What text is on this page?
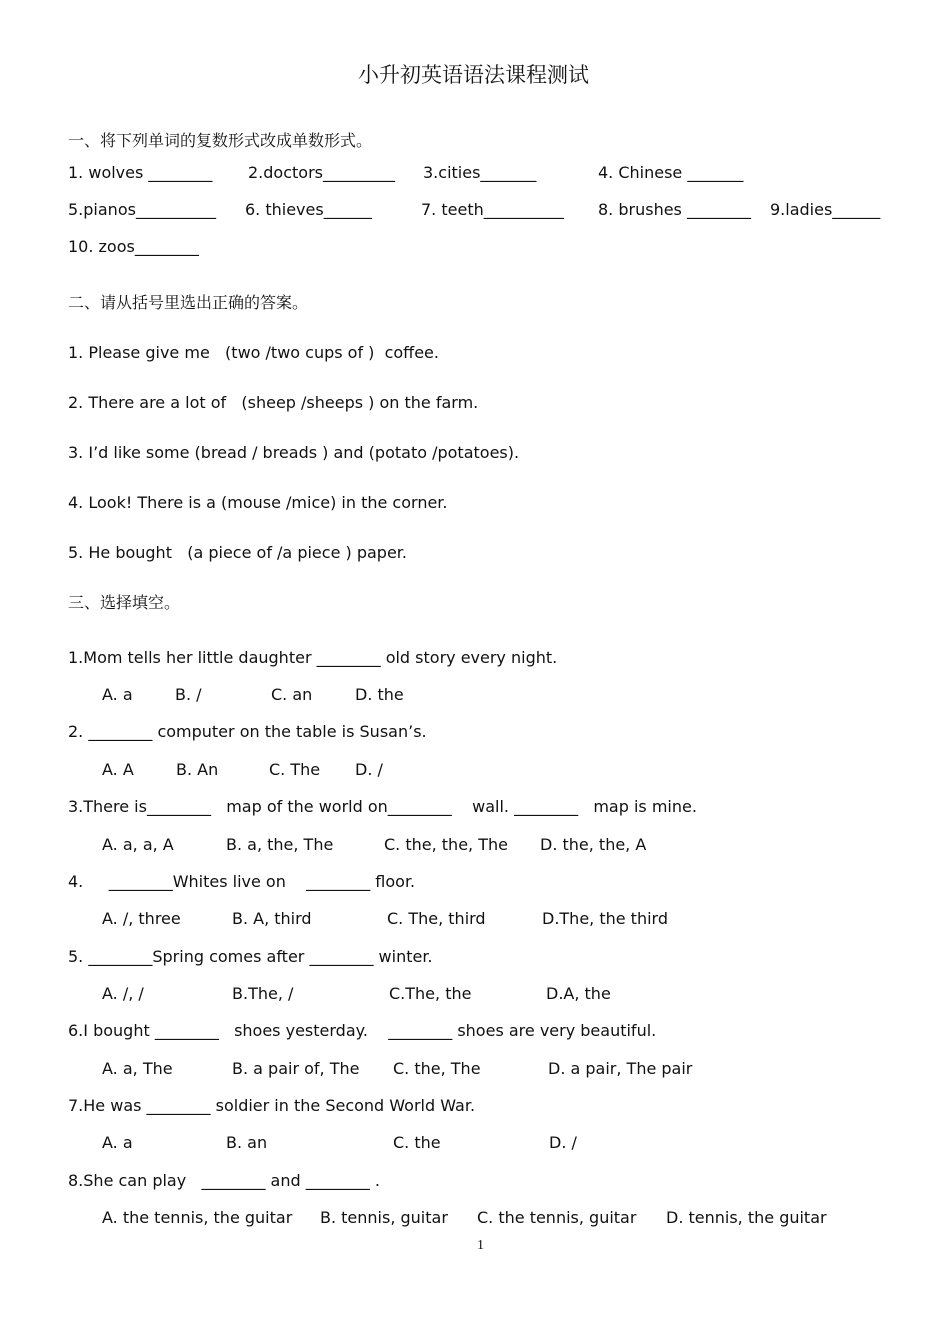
小升初英语语法课程测试
一、将下列单词的复数形式改成单数形式。
1. wolves ________ 2.doctors_________ 3.cities_______	4. Chinese _______
5.pianos__________ 6. thieves______	7. teeth__________ 8. brushes ________ 9.ladies______
10. zoos________
二、请从括号里选出正确的答案。
1. Please give me   (two /two cups of )  coffee.
2. There are a lot of   (sheep /sheeps ) on the farm.
3. I’d like some (bread / breads ) and (potato /potatoes).
4. Look! There is a (mouse /mice) in the corner.
5. He bought   (a piece of /a piece ) paper.
三、选择填空。
1.Mom tells her little daughter ________ old story every night.
A. a	B. /	C. an	D. the
2. ________ computer on the table is Susan’s.
A. A	B. An	C. The D. /
3.There is________   map of the world on________    wall. ________   map is mine.
A. a, a, A	B. a, the, The	C. the, the, The D. the, the, A
4.     ________Whites live on    ________ floor.
A. /, three	B. A, third	C. The, third	D.The, the third
5. ________Spring comes after ________ winter.
A. /, /	B.The, /	C.The, the	D.A, the
6.I bought ________   shoes yesterday.    ________ shoes are very beautiful.
A. a, The	B. a pair of, The C. the, The	D. a pair, The pair
7.He was ________ soldier in the Second World War.
A. a	B. an	C. the	D. /
8.She can play   ________ and ________ .
A. the tennis, the guitar B. tennis, guitar C. the tennis, guitar D. tennis, the guitar
1
